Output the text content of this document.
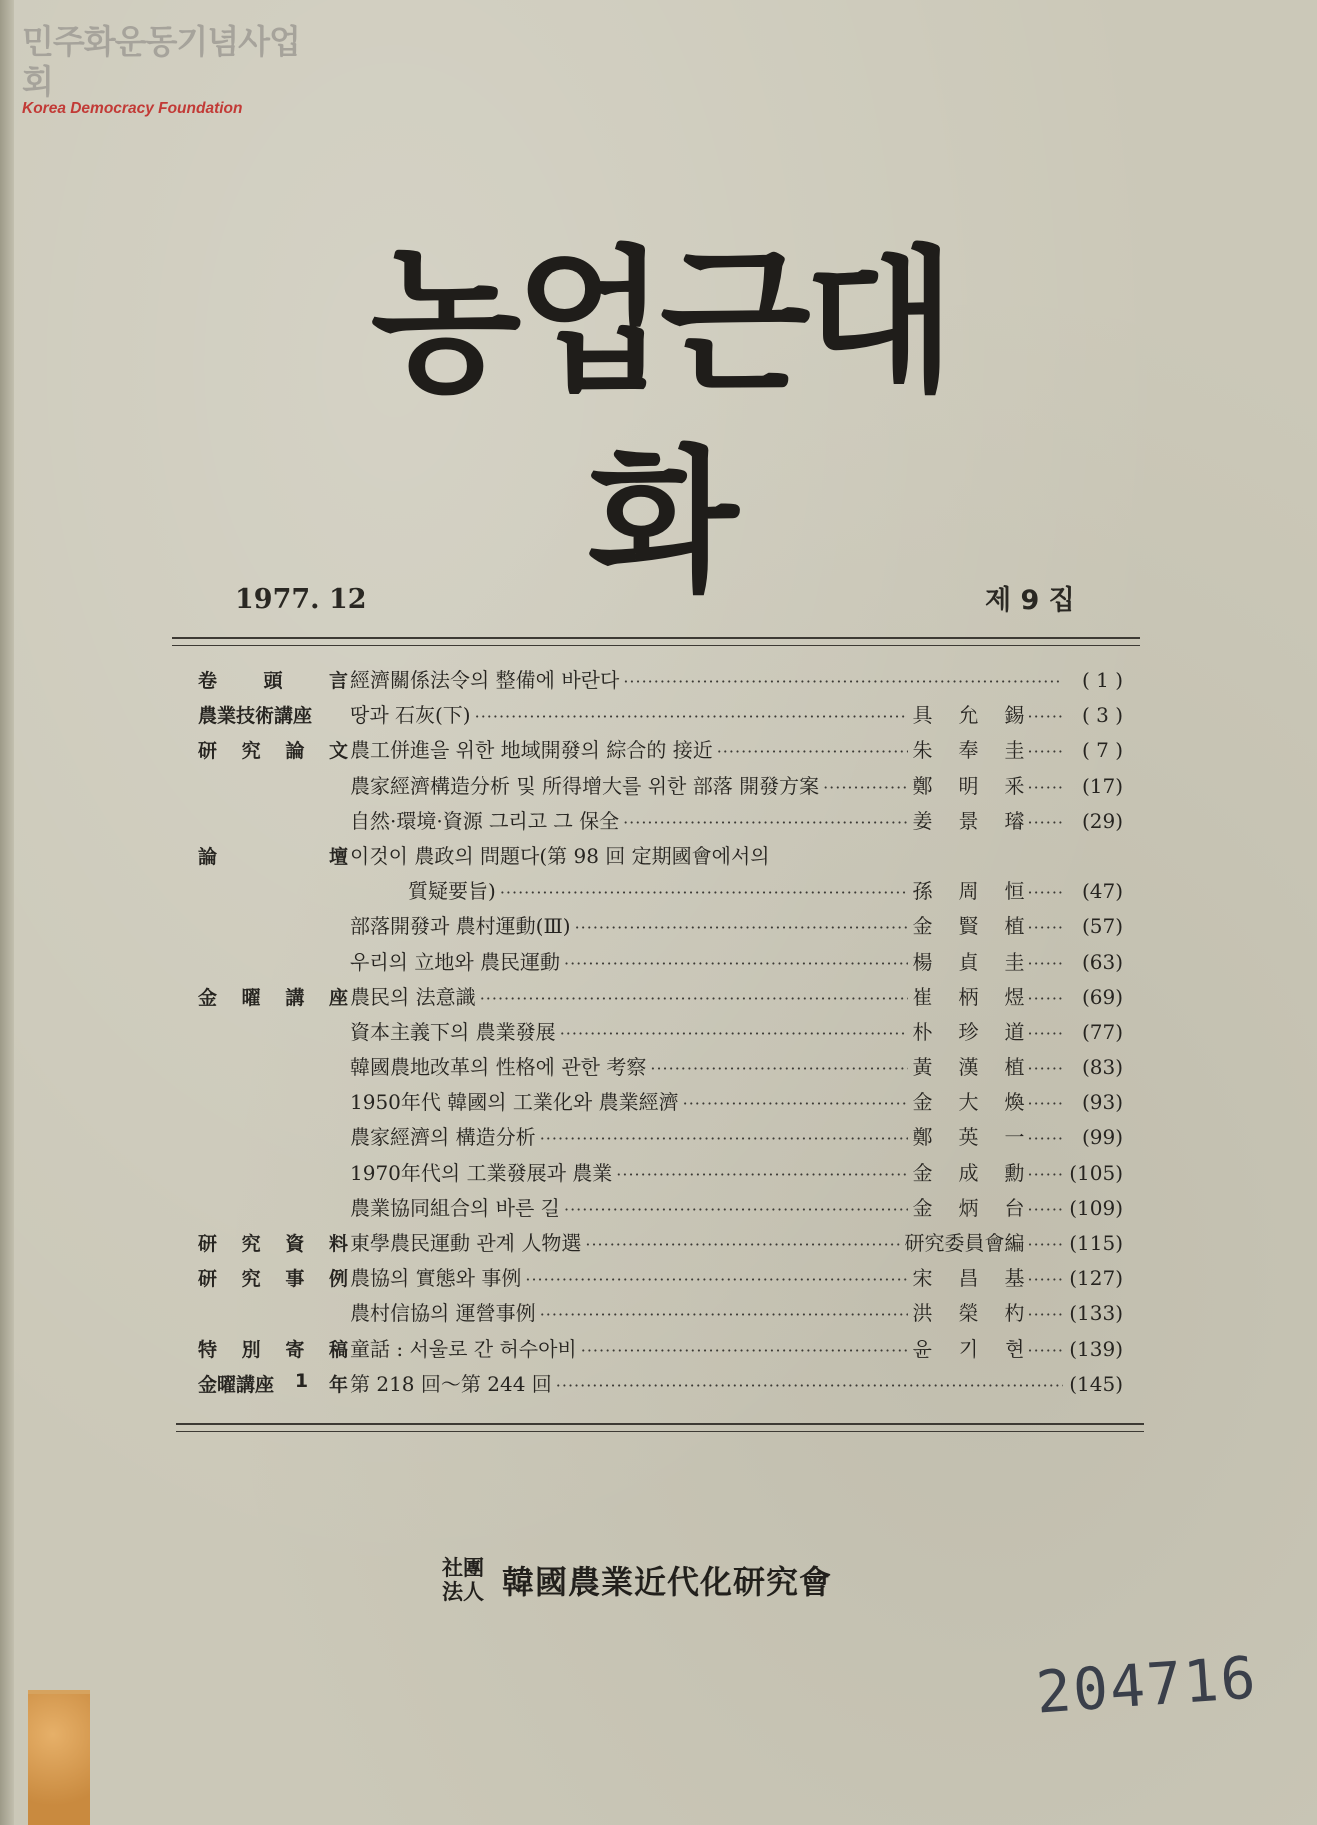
민주화운동기념사업회
Korea Democracy Foundation
농업근대화
1977. 12	제 9 집
卷 頭 言 經濟關係法令의 整備에 바란다 ·····	( 1 )
農業技術講座	땅과 石灰(下) ·····	具 允 錫 ······ ( 3 )
研 究 論 文 農工併進을 위한 地域開發의 綜合的 接近 ·····	朱 奉 圭 ······ ( 7 )
農家經濟構造分析 및 所得增大를 위한 部落 開發方案 ·····	鄭 明 釆 ······ (17)
自然·環境·資源 그리고 그 保全 ·····	姜 景 璿 ······ (29)
論	壇 이것이 農政의 問題다(第 98 回 定期國會에서의
質疑要旨) ·····	孫 周 恒 ······ (47)
部落開發과 農村運動(Ⅲ) ·····	金 賢 植 ······ (57)
우리의 立地와 農民運動 ·····	楊 貞 圭 ······ (63)
金 曜 講 座 農民의 法意識 ·····	崔 柄 煜 ······ (69)
資本主義下의 農業發展 ·····	朴 珍 道 ······ (77)
韓國農地改革의 性格에 관한 考察 ·····	黃 漢 植 ······ (83)
1950年代 韓國의 工業化와 農業經濟 ·····	金 大 煥 ······ (93)
農家經濟의 構造分析 ·····	鄭 英 一 ······ (99)
1970年代의 工業發展과 農業 ·····	金 成 勳 ······ (105)
農業協同組合의 바른 길 ·····	金 炳 台 ······ (109)
研 究 資 料 東學農民運動 관계 人物選 ·····	研究委員會編 ······ (115)
研 究 事 例 農協의 實態와 事例 ·····	宋 昌 基 ······ (127)
農村信協의 運營事例 ·····	洪 榮 杓 ······ (133)
特 別 寄 稿 童話 : 서울로 간 허수아비 ·····	윤 기 현 ······ (139)
金曜講座 1 年 第 218 回～第 244 回 ·····	(145)
社團
法人 韓國農業近代化研究會
204716
